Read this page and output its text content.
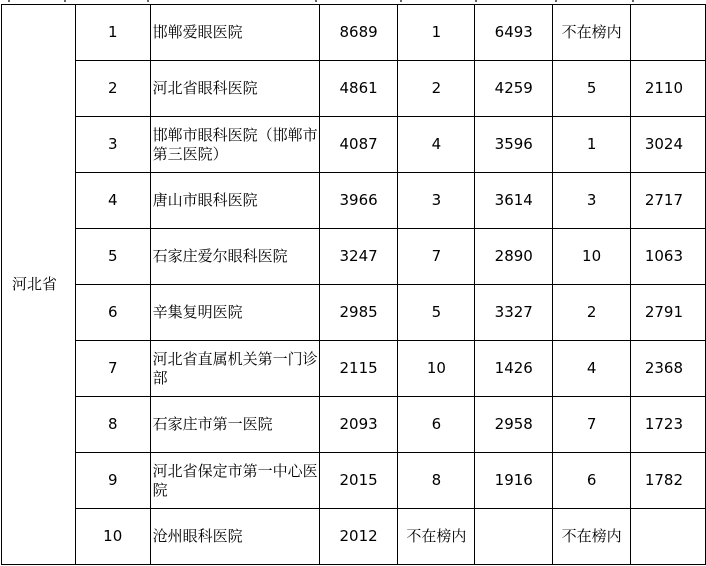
河北省	1	邯郸爱眼医院	8689	1	6493	不在榜内	
	2	河北省眼科医院	4861	2	4259	5	2110
	3	邯郸市眼科医院（邯郸市第三医院）	4087	4	3596	1	3024
	4	唐山市眼科医院	3966	3	3614	3	2717
	5	石家庄爱尔眼科医院	3247	7	2890	10	1063
	6	辛集复明医院	2985	5	3327	2	2791
	7	河北省直属机关第一门诊部	2115	10	1426	4	2368
	8	石家庄市第一医院	2093	6	2958	7	1723
	9	河北省保定市第一中心医院	2015	8	1916	6	1782
	10	沧州眼科医院	2012	不在榜内		不在榜内	
